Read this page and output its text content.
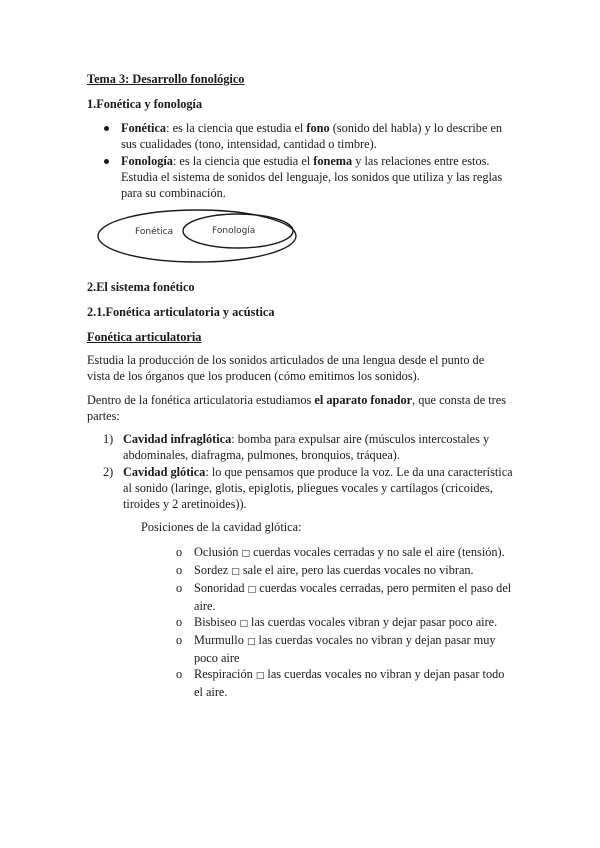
Tema 3: Desarrollo fonológico
1.Fonética y fonología
Fonética: es la ciencia que estudia el fono (sonido del habla) y lo describe en sus cualidades (tono, intensidad, cantidad o timbre).
Fonología: es la ciencia que estudia el fonema y las relaciones entre estos. Estudia el sistema de sonidos del lenguaje, los sonidos que utiliza y las reglas para su combinación.
Fonética	Fonología
2.El sistema fonético
2.1.Fonética articulatoria y acústica
Fonética articulatoria
Estudia la producción de los sonidos articulados de una lengua desde el punto de vista de los órganos que los producen (cómo emitimos los sonidos).
Dentro de la fonética articulatoria estudiamos el aparato fonador, que consta de tres partes:
1) Cavidad infraglótica: bomba para expulsar aire (músculos intercostales y abdominales, diafragma, pulmones, bronquios, tráquea).
2) Cavidad glótica: lo que pensamos que produce la voz. Le da una característica al sonido (laringe, glotis, epiglotis, pliegues vocales y cartílagos (cricoides, tiroides y 2 aretinoides)).
Posiciones de la cavidad glótica:
o Oclusión □ cuerdas vocales cerradas y no sale el aire (tensión).
o Sordez □ sale el aire, pero las cuerdas vocales no vibran.
o Sonoridad □ cuerdas vocales cerradas, pero permiten el paso del aire.
o Bisbiseo □ las cuerdas vocales vibran y dejar pasar poco aire.
o Murmullo □ las cuerdas vocales no vibran y dejan pasar muy poco aire
o Respiración □ las cuerdas vocales no vibran y dejan pasar todo el aire.
